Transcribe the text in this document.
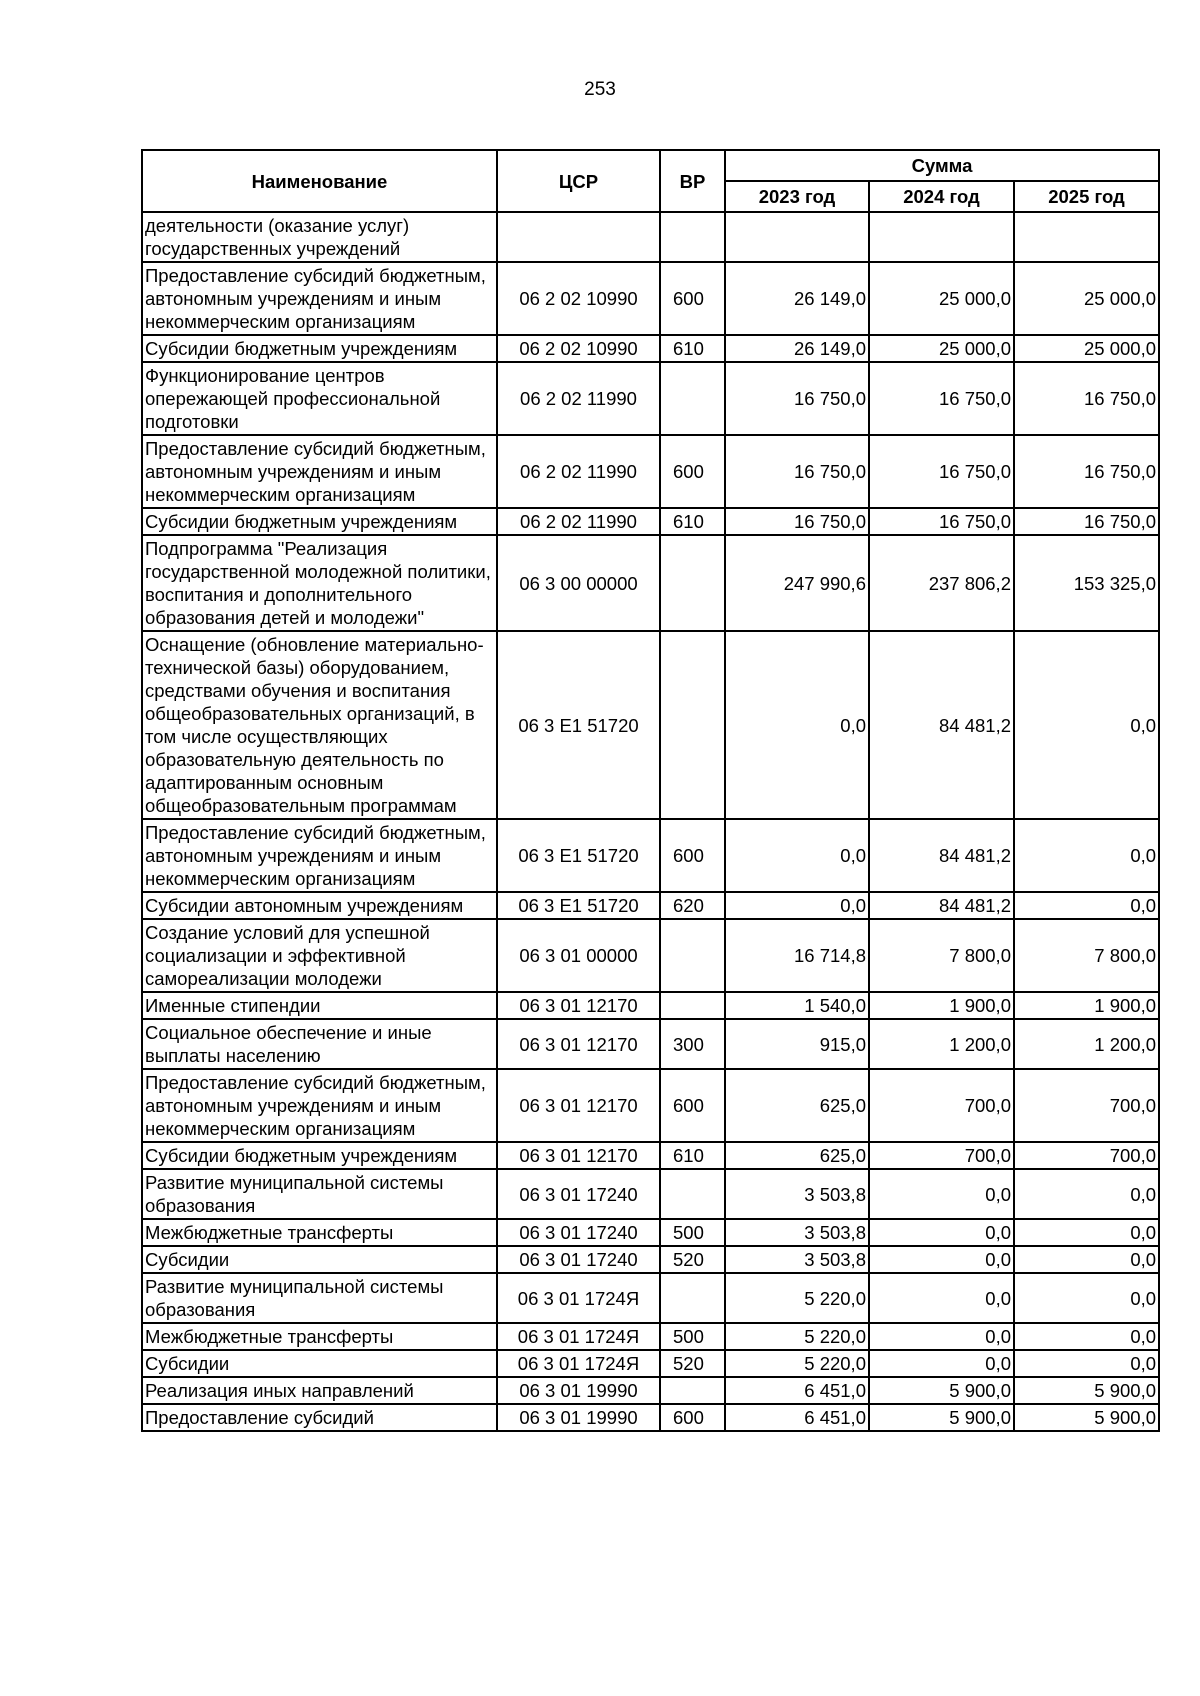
253
Наименование	ЦСР	ВР	Сумма		
			2023 год	2024 год	2025 год
деятельности (оказание услуг) государственных учреждений					
Предоставление субсидий бюджетным, автономным учреждениям и иным некоммерческим организациям	06 2 02 10990	600	26 149,0	25 000,0	25 000,0
Субсидии бюджетным учреждениям	06 2 02 10990	610	26 149,0	25 000,0	25 000,0
Функционирование центров опережающей профессиональной подготовки	06 2 02 11990		16 750,0	16 750,0	16 750,0
Предоставление субсидий бюджетным, автономным учреждениям и иным некоммерческим организациям	06 2 02 11990	600	16 750,0	16 750,0	16 750,0
Субсидии бюджетным учреждениям	06 2 02 11990	610	16 750,0	16 750,0	16 750,0
Подпрограмма "Реализация государственной молодежной политики, воспитания и дополнительного образования детей и молодежи"	06 3 00 00000		247 990,6	237 806,2	153 325,0
Оснащение (обновление материально-технической базы) оборудованием, средствами обучения и воспитания общеобразовательных организаций, в том числе осуществляющих образовательную деятельность по адаптированным основным общеобразовательным программам	06 3 Е1 51720		0,0	84 481,2	0,0
Предоставление субсидий бюджетным, автономным учреждениям и иным некоммерческим организациям	06 3 Е1 51720	600	0,0	84 481,2	0,0
Субсидии автономным учреждениям	06 3 Е1 51720	620	0,0	84 481,2	0,0
Создание условий для успешной социализации и эффективной самореализации молодежи	06 3 01 00000		16 714,8	7 800,0	7 800,0
Именные стипендии	06 3 01 12170		1 540,0	1 900,0	1 900,0
Социальное обеспечение и иные выплаты населению	06 3 01 12170	300	915,0	1 200,0	1 200,0
Предоставление субсидий бюджетным, автономным учреждениям и иным некоммерческим организациям	06 3 01 12170	600	625,0	700,0	700,0
Субсидии бюджетным учреждениям	06 3 01 12170	610	625,0	700,0	700,0
Развитие муниципальной системы образования	06 3 01 17240		3 503,8	0,0	0,0
Межбюджетные трансферты	06 3 01 17240	500	3 503,8	0,0	0,0
Субсидии	06 3 01 17240	520	3 503,8	0,0	0,0
Развитие муниципальной системы образования	06 3 01 1724Я		5 220,0	0,0	0,0
Межбюджетные трансферты	06 3 01 1724Я	500	5 220,0	0,0	0,0
Субсидии	06 3 01 1724Я	520	5 220,0	0,0	0,0
Реализация иных направлений	06 3 01 19990		6 451,0	5 900,0	5 900,0
Предоставление субсидий	06 3 01 19990	600	6 451,0	5 900,0	5 900,0
